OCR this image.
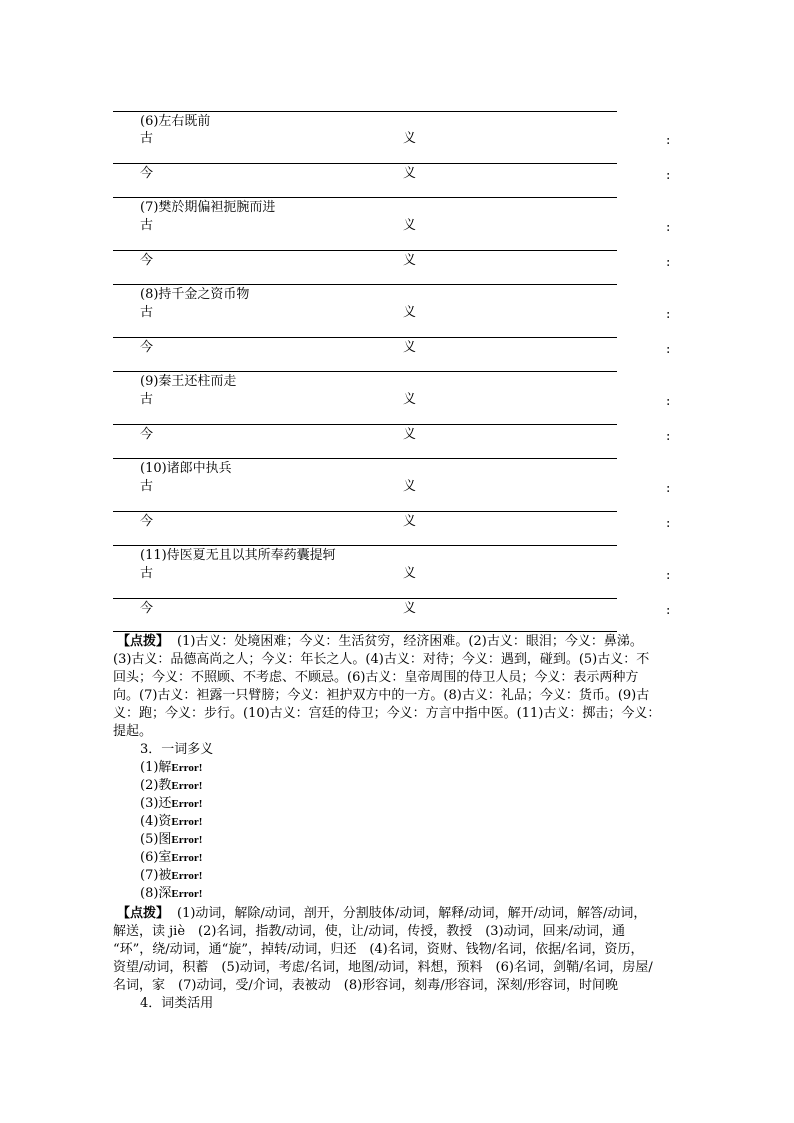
(6)左右既前
古	义	:
今	义	:
(7)樊於期偏袒扼腕而进
古	义	:
今	义	:
(8)持千金之资币物
古	义	:
今	义	:
(9)秦王还柱而走
古	义	:
今	义	:
(10)诸郎中执兵
古	义	:
今	义	:
(11)侍医夏无且以其所奉药囊提轲
古	义	:
今	义	:
【点拨】 (1)古义：处境困难；今义：生活贫穷，经济困难。(2)古义：眼泪；今义：鼻涕。
(3)古义：品德高尚之人；今义：年长之人。(4)古义：对待；今义：遇到，碰到。(5)古义：不
回头；今义：不照顾、不考虑、不顾忌。(6)古义：皇帝周围的侍卫人员；今义：表示两种方
向。(7)古义：袒露一只臂膀；今义：袒护双方中的一方。(8)古义：礼品；今义：货币。(9)古
义：跑；今义：步行。(10)古义：宫廷的侍卫；今义：方言中指中医。(11)古义：掷击；今义：
提起。
3．一词多义
(1)解Error!
(2)教Error!
(3)还Error!
(4)资Error!
(5)图Error!
(6)室Error!
(7)被Error!
(8)深Error!
【点拨】 (1)动词，解除/动词，剖开，分割肢体/动词，解释/动词，解开/动词，解答/动词，
解送，读 jiè　(2)名词，指教/动词，使，让/动词，传授，教授　(3)动词，回来/动词，通
“环”，绕/动词，通“旋”，掉转/动词，归还　(4)名词，资财、钱物/名词，依据/名词，资历，
资望/动词，积蓄　(5)动词，考虑/名词，地图/动词，料想，预料　(6)名词，剑鞘/名词，房屋/
名词，家　(7)动词，受/介词，表被动　(8)形容词，刻毒/形容词，深刻/形容词，时间晚
4．词类活用
